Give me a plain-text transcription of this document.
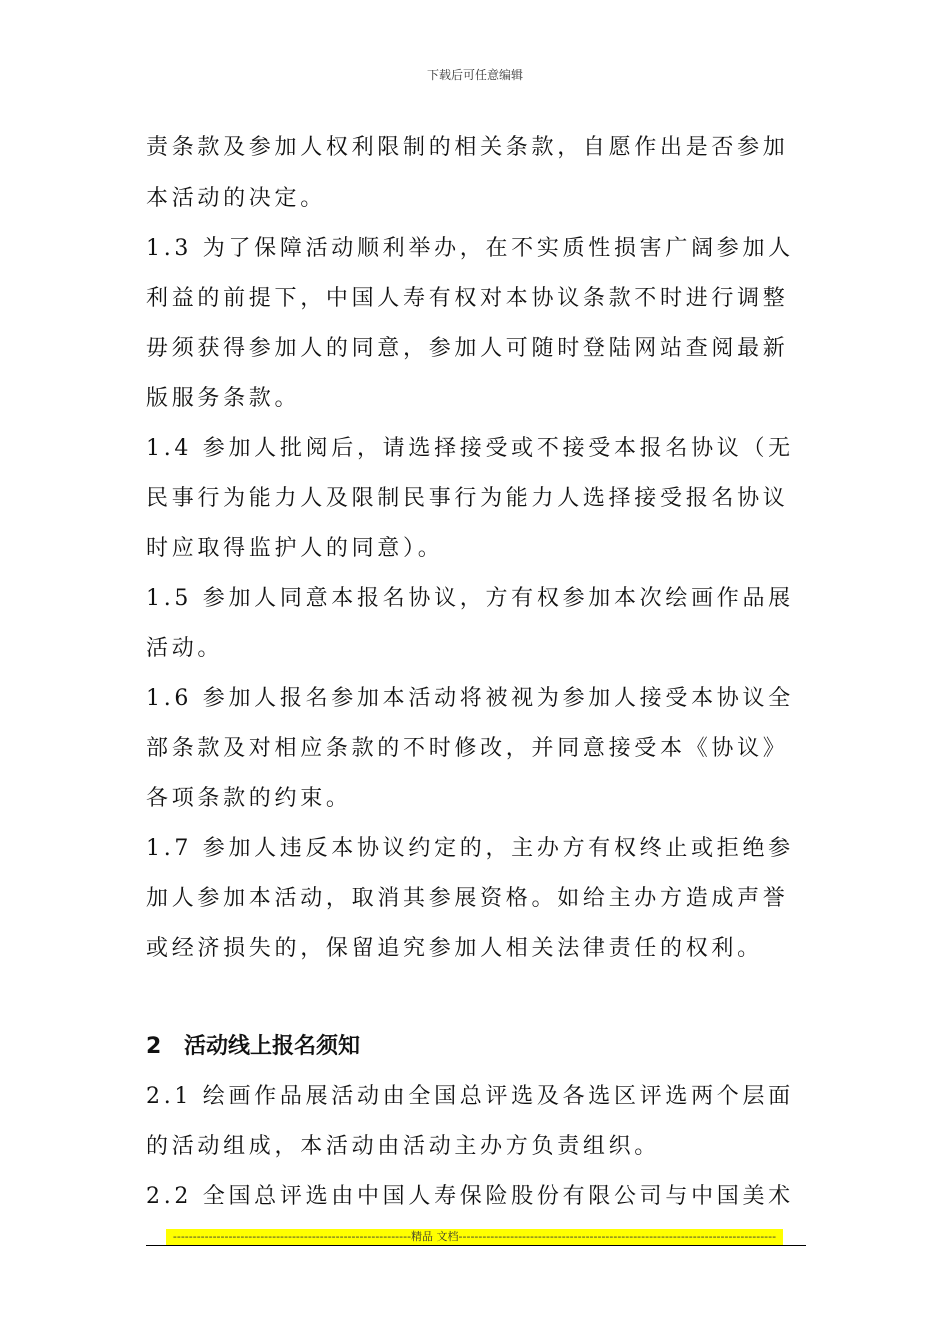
下载后可任意编辑
责条款及参加人权利限制的相关条款，自愿作出是否参加
本活动的决定。
1.3 为了保障活动顺利举办，在不实质性损害广阔参加人
利益的前提下，中国人寿有权对本协议条款不时进行调整
毋须获得参加人的同意，参加人可随时登陆网站查阅最新
版服务条款。
1.4 参加人批阅后，请选择接受或不接受本报名协议（无
民事行为能力人及限制民事行为能力人选择接受报名协议
时应取得监护人的同意）。
1.5 参加人同意本报名协议，方有权参加本次绘画作品展
活动。
1.6 参加人报名参加本活动将被视为参加人接受本协议全
部条款及对相应条款的不时修改，并同意接受本《协议》
各项条款的约束。
1.7 参加人违反本协议约定的，主办方有权终止或拒绝参
加人参加本活动，取消其参展资格。如给主办方造成声誉
或经济损失的，保留追究参加人相关法律责任的权利。
2 活动线上报名须知
2.1 绘画作品展活动由全国总评选及各选区评选两个层面
的活动组成，本活动由活动主办方负责组织。
2.2 全国总评选由中国人寿保险股份有限公司与中国美术
------------------------------------------------------------精品 文档--------------------------------------------------------------------------------
